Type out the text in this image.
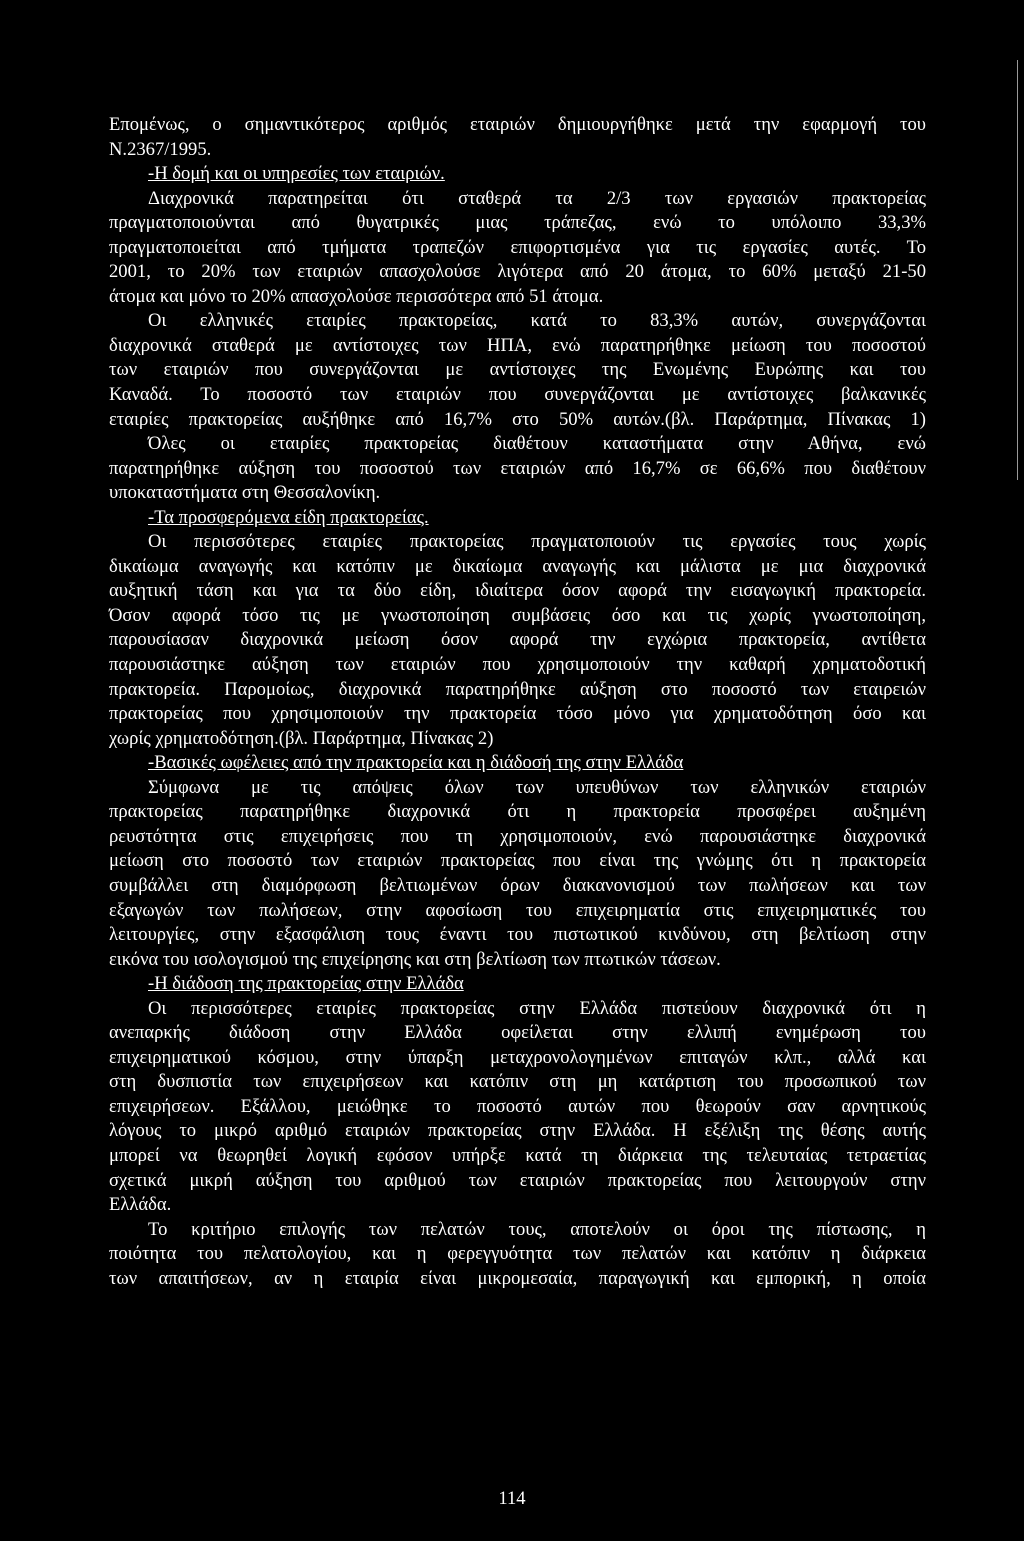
Επομένως, ο σημαντικότερος αριθμός εταιριών δημιουργήθηκε μετά την εφαρμογή του

Ν.2367/1995.

-Η δομή και οι υπηρεσίες των εταιριών.

Διαχρονικά παρατηρείται ότι σταθερά τα 2/3 των εργασιών πρακτορείας

πραγματοποιούνται από θυγατρικές μιας τράπεζας, ενώ το υπόλοιπο 33,3%

πραγματοποιείται από τμήματα τραπεζών επιφορτισμένα για τις εργασίες αυτές. Το

2001, το 20% των εταιριών απασχολούσε λιγότερα από 20 άτομα, το 60% μεταξύ 21-50

άτομα και μόνο το 20% απασχολούσε περισσότερα από 51 άτομα.

Οι ελληνικές εταιρίες πρακτορείας, κατά το 83,3% αυτών, συνεργάζονται

διαχρονικά σταθερά με αντίστοιχες των ΗΠΑ, ενώ παρατηρήθηκε μείωση του ποσοστού

των εταιριών που συνεργάζονται με αντίστοιχες της Ενωμένης Ευρώπης και του

Καναδά. Το ποσοστό των εταιριών που συνεργάζονται με αντίστοιχες βαλκανικές

εταιρίες πρακτορείας αυξήθηκε από 16,7% στο 50% αυτών.(βλ. Παράρτημα, Πίνακας 1)

Όλες οι εταιρίες πρακτορείας διαθέτουν καταστήματα στην Αθήνα, ενώ

παρατηρήθηκε αύξηση του ποσοστού των εταιριών από 16,7% σε 66,6% που διαθέτουν

υποκαταστήματα στη Θεσσαλονίκη.

-Τα προσφερόμενα είδη πρακτορείας.

Οι περισσότερες εταιρίες πρακτορείας πραγματοποιούν τις εργασίες τους χωρίς

δικαίωμα αναγωγής και κατόπιν με δικαίωμα αναγωγής και μάλιστα με μια διαχρονικά

αυξητική τάση και για τα δύο είδη, ιδιαίτερα όσον αφορά την εισαγωγική πρακτορεία.

Όσον αφορά τόσο τις με γνωστοποίηση συμβάσεις όσο και τις χωρίς γνωστοποίηση,

παρουσίασαν διαχρονικά μείωση όσον αφορά την εγχώρια πρακτορεία, αντίθετα

παρουσιάστηκε αύξηση των εταιριών που χρησιμοποιούν την καθαρή χρηματοδοτική

πρακτορεία. Παρομοίως, διαχρονικά παρατηρήθηκε αύξηση στο ποσοστό των εταιρειών

πρακτορείας που χρησιμοποιούν την πρακτορεία τόσο μόνο για χρηματοδότηση όσο και

χωρίς χρηματοδότηση.(βλ. Παράρτημα, Πίνακας 2)

-Βασικές ωφέλειες από την πρακτορεία και η διάδοσή της στην Ελλάδα

Σύμφωνα με τις απόψεις όλων των υπευθύνων των ελληνικών εταιριών

πρακτορείας παρατηρήθηκε διαχρονικά ότι η πρακτορεία προσφέρει αυξημένη

ρευστότητα στις επιχειρήσεις που τη χρησιμοποιούν, ενώ παρουσιάστηκε διαχρονικά

μείωση στο ποσοστό των εταιριών πρακτορείας που είναι της γνώμης ότι η πρακτορεία

συμβάλλει στη διαμόρφωση βελτιωμένων όρων διακανονισμού των πωλήσεων και των

εξαγωγών των πωλήσεων, στην αφοσίωση του επιχειρηματία στις επιχειρηματικές του

λειτουργίες, στην εξασφάλιση τους έναντι του πιστωτικού κινδύνου, στη βελτίωση στην

εικόνα του ισολογισμού της επιχείρησης και στη βελτίωση των πτωτικών τάσεων.

-Η διάδοση της πρακτορείας στην Ελλάδα

Οι περισσότερες εταιρίες πρακτορείας στην Ελλάδα πιστεύουν διαχρονικά ότι η

ανεπαρκής διάδοση στην Ελλάδα οφείλεται στην ελλιπή ενημέρωση του

επιχειρηματικού κόσμου, στην ύπαρξη μεταχρονολογημένων επιταγών κλπ., αλλά και

στη δυσπιστία των επιχειρήσεων και κατόπιν στη μη κατάρτιση του προσωπικού των

επιχειρήσεων. Εξάλλου, μειώθηκε το ποσοστό αυτών που θεωρούν σαν αρνητικούς

λόγους το μικρό αριθμό εταιριών πρακτορείας στην Ελλάδα. Η εξέλιξη της θέσης αυτής

μπορεί να θεωρηθεί λογική εφόσον υπήρξε κατά τη διάρκεια της τελευταίας τετραετίας

σχετικά μικρή αύξηση του αριθμού των εταιριών πρακτορείας που λειτουργούν στην

Ελλάδα.

Το κριτήριο επιλογής των πελατών τους, αποτελούν οι όροι της πίστωσης, η

ποιότητα του πελατολογίου, και η φερεγγυότητα των πελατών και κατόπιν η διάρκεια

των απαιτήσεων, αν η εταιρία είναι μικρομεσαία, παραγωγική και εμπορική, η οποία

114
